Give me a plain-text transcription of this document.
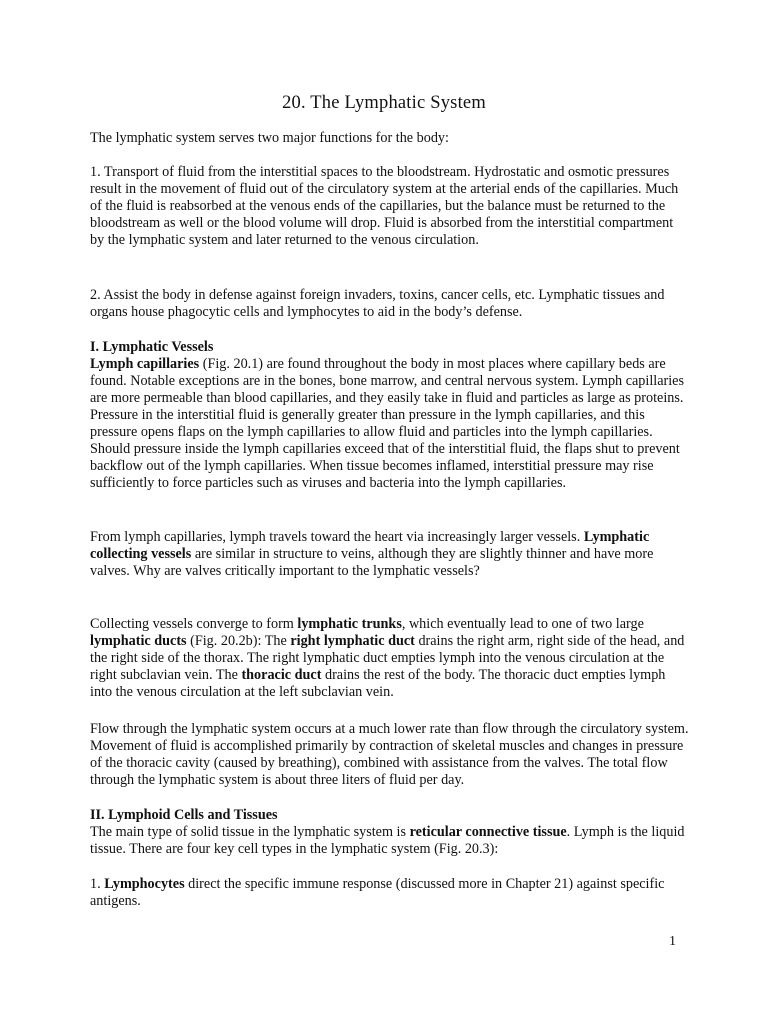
20. The Lymphatic System

The lymphatic system serves two major functions for the body:

1. Transport of fluid from the interstitial spaces to the bloodstream. Hydrostatic and osmotic pressures result in the movement of fluid out of the circulatory system at the arterial ends of the capillaries. Much of the fluid is reabsorbed at the venous ends of the capillaries, but the balance must be returned to the bloodstream as well or the blood volume will drop. Fluid is absorbed from the interstitial compartment by the lymphatic system and later returned to the venous circulation.

2. Assist the body in defense against foreign invaders, toxins, cancer cells, etc. Lymphatic tissues and organs house phagocytic cells and lymphocytes to aid in the body’s defense.

I. Lymphatic Vessels
Lymph capillaries (Fig. 20.1) are found throughout the body in most places where capillary beds are found. Notable exceptions are in the bones, bone marrow, and central nervous system. Lymph capillaries are more permeable than blood capillaries, and they easily take in fluid and particles as large as proteins. Pressure in the interstitial fluid is generally greater than pressure in the lymph capillaries, and this pressure opens flaps on the lymph capillaries to allow fluid and particles into the lymph capillaries. Should pressure inside the lymph capillaries exceed that of the interstitial fluid, the flaps shut to prevent backflow out of the lymph capillaries. When tissue becomes inflamed, interstitial pressure may rise sufficiently to force particles such as viruses and bacteria into the lymph capillaries.

From lymph capillaries, lymph travels toward the heart via increasingly larger vessels. Lymphatic collecting vessels are similar in structure to veins, although they are slightly thinner and have more valves. Why are valves critically important to the lymphatic vessels?

Collecting vessels converge to form lymphatic trunks, which eventually lead to one of two large lymphatic ducts (Fig. 20.2b): The right lymphatic duct drains the right arm, right side of the head, and the right side of the thorax. The right lymphatic duct empties lymph into the venous circulation at the right subclavian vein. The thoracic duct drains the rest of the body. The thoracic duct empties lymph into the venous circulation at the left subclavian vein.

Flow through the lymphatic system occurs at a much lower rate than flow through the circulatory system. Movement of fluid is accomplished primarily by contraction of skeletal muscles and changes in pressure of the thoracic cavity (caused by breathing), combined with assistance from the valves. The total flow through the lymphatic system is about three liters of fluid per day.

II. Lymphoid Cells and Tissues
The main type of solid tissue in the lymphatic system is reticular connective tissue. Lymph is the liquid tissue. There are four key cell types in the lymphatic system (Fig. 20.3):

1. Lymphocytes direct the specific immune response (discussed more in Chapter 21) against specific antigens.

1
